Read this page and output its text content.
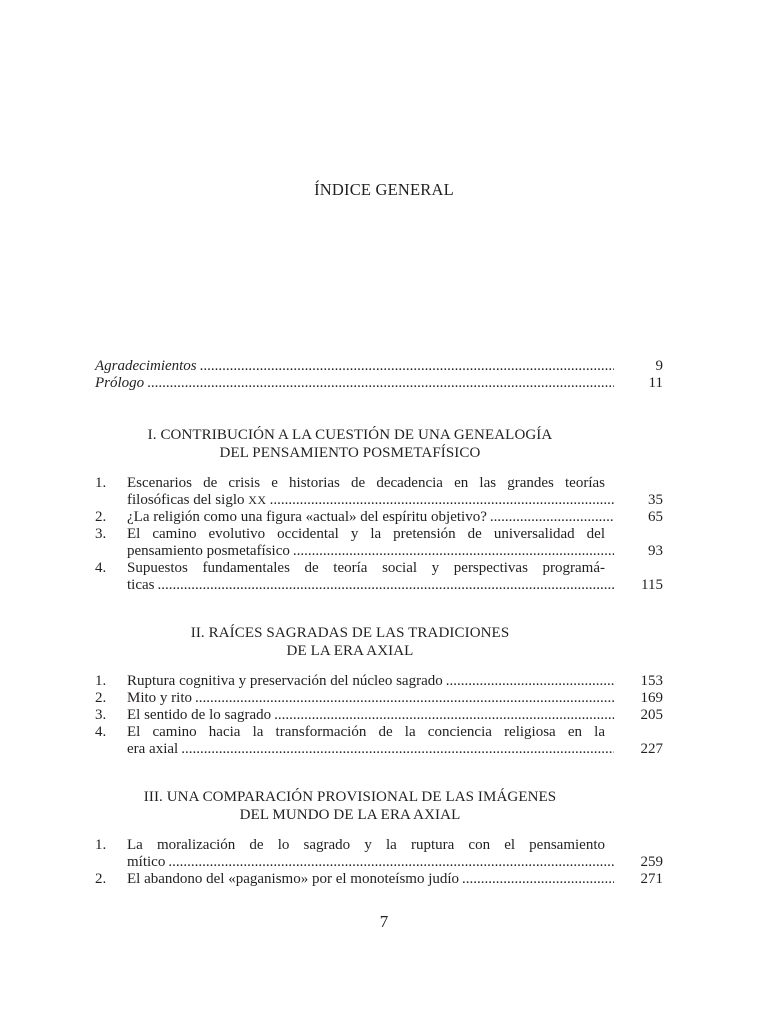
ÍNDICE GENERAL
Agradecimientos .....	9
Prólogo .....	11
I. CONTRIBUCIÓN A LA CUESTIÓN DE UNA GENEALOGÍA
DEL PENSAMIENTO POSMETAFÍSICO
1.	Escenarios de crisis e historias de decadencia en las grandes teorías
filosóficas del siglo XX .....	35
2.	¿La religión como una figura «actual» del espíritu objetivo? .....	65
3.	El camino evolutivo occidental y la pretensión de universalidad del
pensamiento posmetafísico .....	93
4.	Supuestos fundamentales de teoría social y perspectivas programá-
ticas .....	115
II. RAÍCES SAGRADAS DE LAS TRADICIONES
DE LA ERA AXIAL
1.	Ruptura cognitiva y preservación del núcleo sagrado .....	153
2.	Mito y rito .....	169
3.	El sentido de lo sagrado .....	205
4.	El camino hacia la transformación de la conciencia religiosa en la
era axial .....	227
III. UNA COMPARACIÓN PROVISIONAL DE LAS IMÁGENES
DEL MUNDO DE LA ERA AXIAL
1.	La moralización de lo sagrado y la ruptura con el pensamiento
mítico .....	259
2.	El abandono del «paganismo» por el monoteísmo judío .....	271
7
